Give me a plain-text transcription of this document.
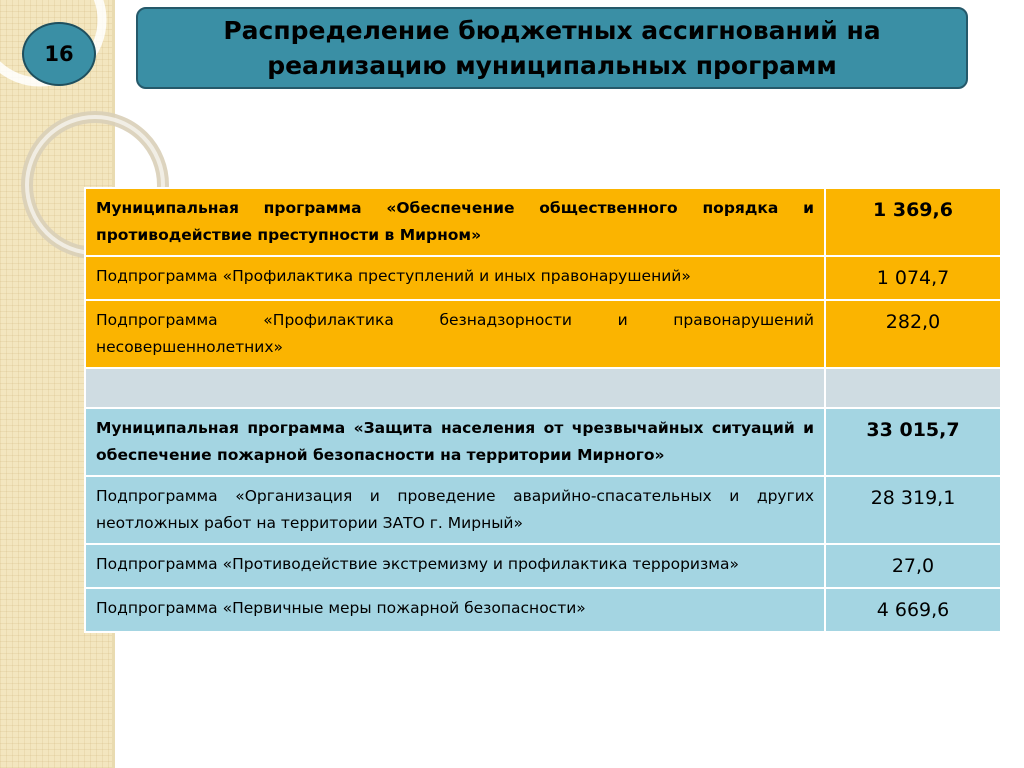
16
Распределение бюджетных ассигнований на реализацию муниципальных программ
Муниципальная программа «Обеспечение общественного порядка и противодействие преступности в Мирном»	1 369,6
Подпрограмма «Профилактика преступлений и иных правонарушений»	1 074,7
Подпрограмма «Профилактика безнадзорности и правонарушений несовершеннолетних»	282,0

Муниципальная программа «Защита населения от чрезвычайных ситуаций и обеспечение пожарной безопасности на территории Мирного»	33 015,7
Подпрограмма «Организация и проведение аварийно-спасательных и других неотложных работ на территории ЗАТО г. Мирный»	28 319,1
Подпрограмма «Противодействие экстремизму и профилактика терроризма»	27,0
Подпрограмма «Первичные меры пожарной безопасности»	4 669,6
